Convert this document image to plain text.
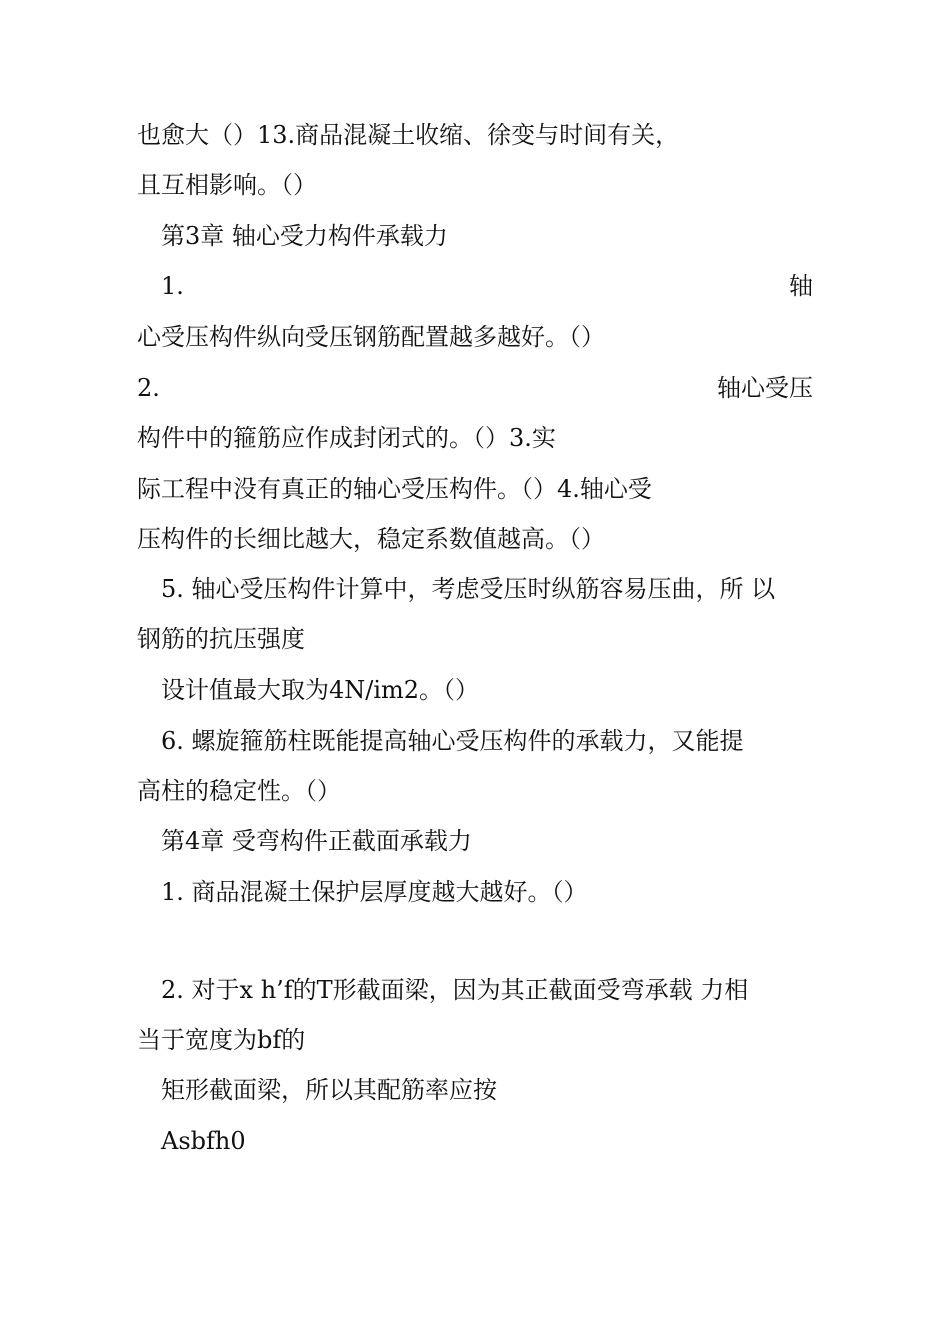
也愈大（）13.商品混凝土收缩、徐变与时间有关，
且互相影响。（）
第3章 轴心受力构件承载力
1.	轴
心受压构件纵向受压钢筋配置越多越好。（）
2.	轴心受压
构件中的箍筋应作成封闭式的。（）3.实
际工程中没有真正的轴心受压构件。（）4.轴心受
压构件的长细比越大，稳定系数值越高。（）
5. 轴心受压构件计算中，考虑受压时纵筋容易压曲，所 以
钢筋的抗压强度
设计值最大取为4N/im2。（）
6. 螺旋箍筋柱既能提高轴心受压构件的承载力，又能提
高柱的稳定性。（）
第4章 受弯构件正截面承载力
1. 商品混凝土保护层厚度越大越好。（）
2. 对于x h’f的T形截面梁，因为其正截面受弯承载 力相
当于宽度为bf的
矩形截面梁，所以其配筋率应按
Asbfh0
